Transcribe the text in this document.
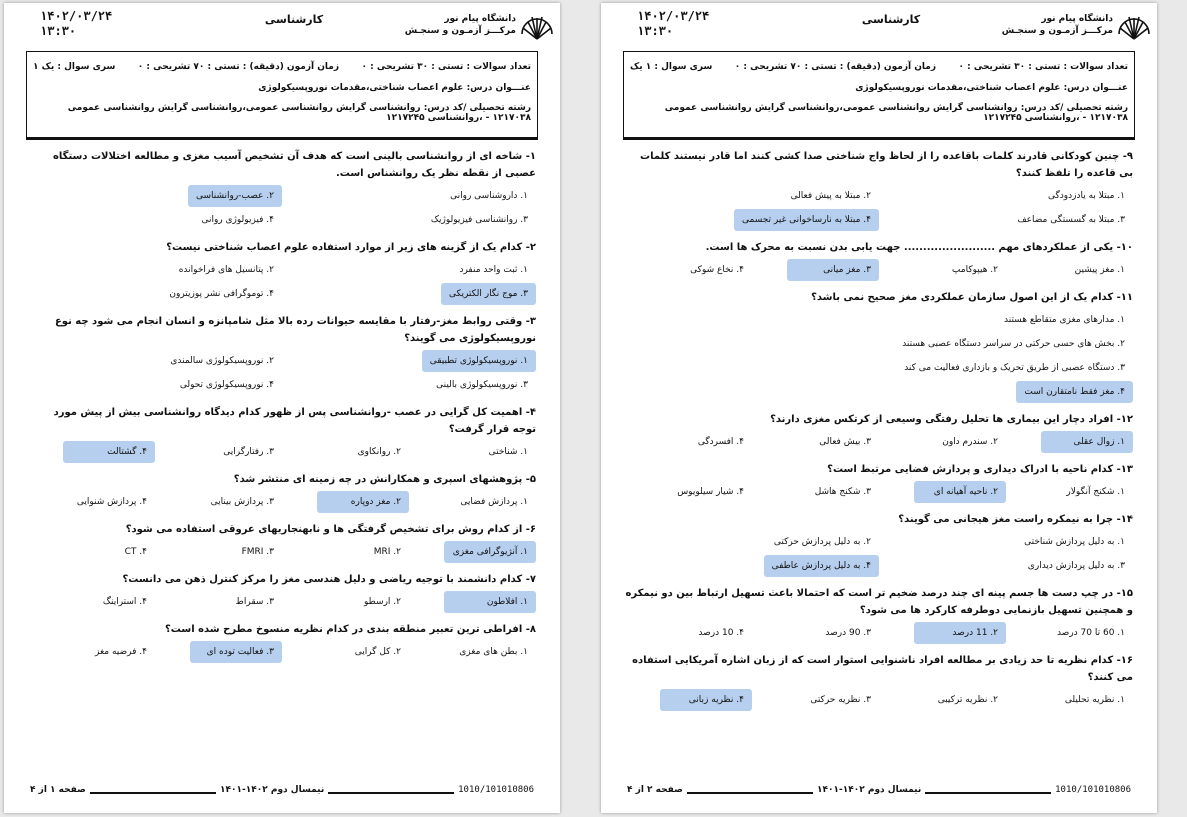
دانشگاه پیام نور
مرکـــز آزمـون و سنجـش
کارشناسی
۱۴۰۲/۰۳/۲۴
۱۳:۳۰
تعداد سوالات : تستی : ۳۰ تشریحی : ۰
زمان آزمون (دقیقه) : تستی : ۷۰ تشریحی : ۰
سری سوال : یک ۱
عنـــوان درس: علوم اعصاب شناختی،مقدمات نوروپسیکولوژی
رشته تحصیلی /کد درس: روانشناسی گرایش روانشناسی عمومی،روانشناسی گرایش روانشناسی عمومی ۱۲۱۷۰۳۸ - ،روانشناسی ۱۲۱۷۲۴۵
۱- شاخه ای از روانشناسی بالینی است که هدف آن تشخیص آسیب مغزی و مطالعه اختلالات دستگاه عصبی از نقطه نظر یک روانشناس است.
۱. داروشناسی روانی
۲. عصب-روانشناسی
۳. روانشناسی فیزیولوژیک
۴. فیزیولوژی روانی
۲- کدام یک از گزینه های زیر از موارد استفاده علوم اعصاب شناختی نیست؟
۱. ثبت واحد منفرد
۲. پتانسیل های فراخوانده
۳. موج نگار الکتریکی
۴. توموگرافی نشر پوزیترون
۳- وقتی روابط مغز-رفتار با مقایسه حیوانات رده بالا مثل شامپانزه و انسان انجام می شود چه نوع نوروپسیکولوژی می گویند؟
۱. نوروپسیکولوژی تطبیقی
۲. نوروپسیکولوژی سالمندی
۳. نوروپسیکولوژی بالینی
۴. نوروپسیکولوژی تحولی
۴- اهمیت کل گرایی در عصب -روانشناسی پس از ظهور کدام دیدگاه روانشناسی بیش از پیش مورد توجه قرار گرفت؟
۱. شناختی
۲. روانکاوی
۳. رفتارگرایی
۴. گشتالت
۵- پژوهشهای اسپری و همکارانش در چه زمینه ای منتشر شد؟
۱. پردازش فضایی
۲. مغز دوپاره
۳. پردازش بینایی
۴. پردازش شنوایی
۶- از کدام روش برای تشخیص گرفتگی ها و نابهنجاریهای عروقی استفاده می شود؟
۱. آنژیوگرافی مغزی
۲. MRI
۳. FMRI
۴. CT
۷- کدام دانشمند با توجیه ریاضی و دلیل هندسی مغز را مرکز کنترل ذهن می دانست؟
۱. افلاطون
۲. ارسطو
۳. سقراط
۴. استراینگ
۸- افراطی ترین تعبیر منطقه بندی در کدام نظریه منسوخ مطرح شده است؟
۱. بطن های مغزی
۲. کل گرایی
۳. فعالیت توده ای
۴. فرضیه مغز
1010/101010806
نیمسال دوم ۱۴۰۲-۱۴۰۱
صفحه ۱ از ۴
دانشگاه پیام نور
مرکـــز آزمـون و سنجـش
کارشناسی
۱۴۰۲/۰۳/۲۴
۱۳:۳۰
تعداد سوالات : تستی : ۳۰ تشریحی : ۰
زمان آزمون (دقیقه) : تستی : ۷۰ تشریحی : ۰
سری سوال : ۱ یک
عنـــوان درس: علوم اعصاب شناختی،مقدمات نوروپسیکولوژی
رشته تحصیلی /کد درس: روانشناسی گرایش روانشناسی عمومی،روانشناسی گرایش روانشناسی عمومی ۱۲۱۷۰۳۸ - ،روانشناسی ۱۲۱۷۲۴۵
۹- چنین کودکانی قادرند کلمات باقاعده را از لحاظ واج شناختی صدا کشی کنند اما قادر نیستند کلمات بی قاعده را تلفظ کنند؟
۱. مبتلا به یادزدودگی
۲. مبتلا به پیش فعالی
۳. مبتلا به گسستگی مضاعف
۴. مبتلا به نارساخوانی غیر تجسمی
۱۰- یکی از عملکردهای مهم ........................ جهت یابی بدن نسبت به محرک ها است.
۱. مغز پیشین
۲. هیپوکامپ
۳. مغز میانی
۴. نخاع شوکی
۱۱- کدام یک از این اصول سازمان عملکردی مغز صحیح نمی باشد؟
۱. مدارهای مغزی متقاطع هستند
۲. بخش های حسی حرکتی در سراسر دستگاه عصبی هستند
۳. دستگاه عصبی از طریق تحریک و بازداری فعالیت می کند
۴. مغز فقط نامتقارن است
۱۲- افراد دچار این بیماری ها تحلیل رفتگی وسیعی از کرتکس مغزی دارند؟
۱. زوال عقلی
۲. سندرم داون
۳. بیش فعالی
۴. افسردگی
۱۳- کدام ناحیه با ادراک دیداری و پردازش فضایی مرتبط است؟
۱. شکنج آنگولار
۲. ناحیه آهیانه ای
۳. شکنج هاشل
۴. شیار سیلویوس
۱۴- چرا به نیمکره راست مغز هیجانی می گویند؟
۱. به دلیل پردازش شناختی
۲. به دلیل پردازش حرکتی
۳. به دلیل پردازش دیداری
۴. به دلیل پردازش عاطفی
۱۵- در چپ دست ها جسم پینه ای چند درصد ضخیم تر است که احتمالا باعث تسهیل ارتباط بین دو نیمکره و همچنین تسهیل بازنمایی دوطرفه کارکرد ها می شود؟
۱. 60 تا 70 درصد
۲. 11 درصد
۳. 90 درصد
۴. 10 درصد
۱۶- کدام نظریه تا حد زیادی بر مطالعه افراد ناشنوایی استوار است که از زبان اشاره آمریکایی استفاده می کنند؟
۱. نظریه تحلیلی
۲. نظریه ترکیبی
۳. نظریه حرکتی
۴. نظریه زبانی
1010/101010806
نیمسال دوم ۱۴۰۲-۱۴۰۱
صفحه ۲ از ۴
